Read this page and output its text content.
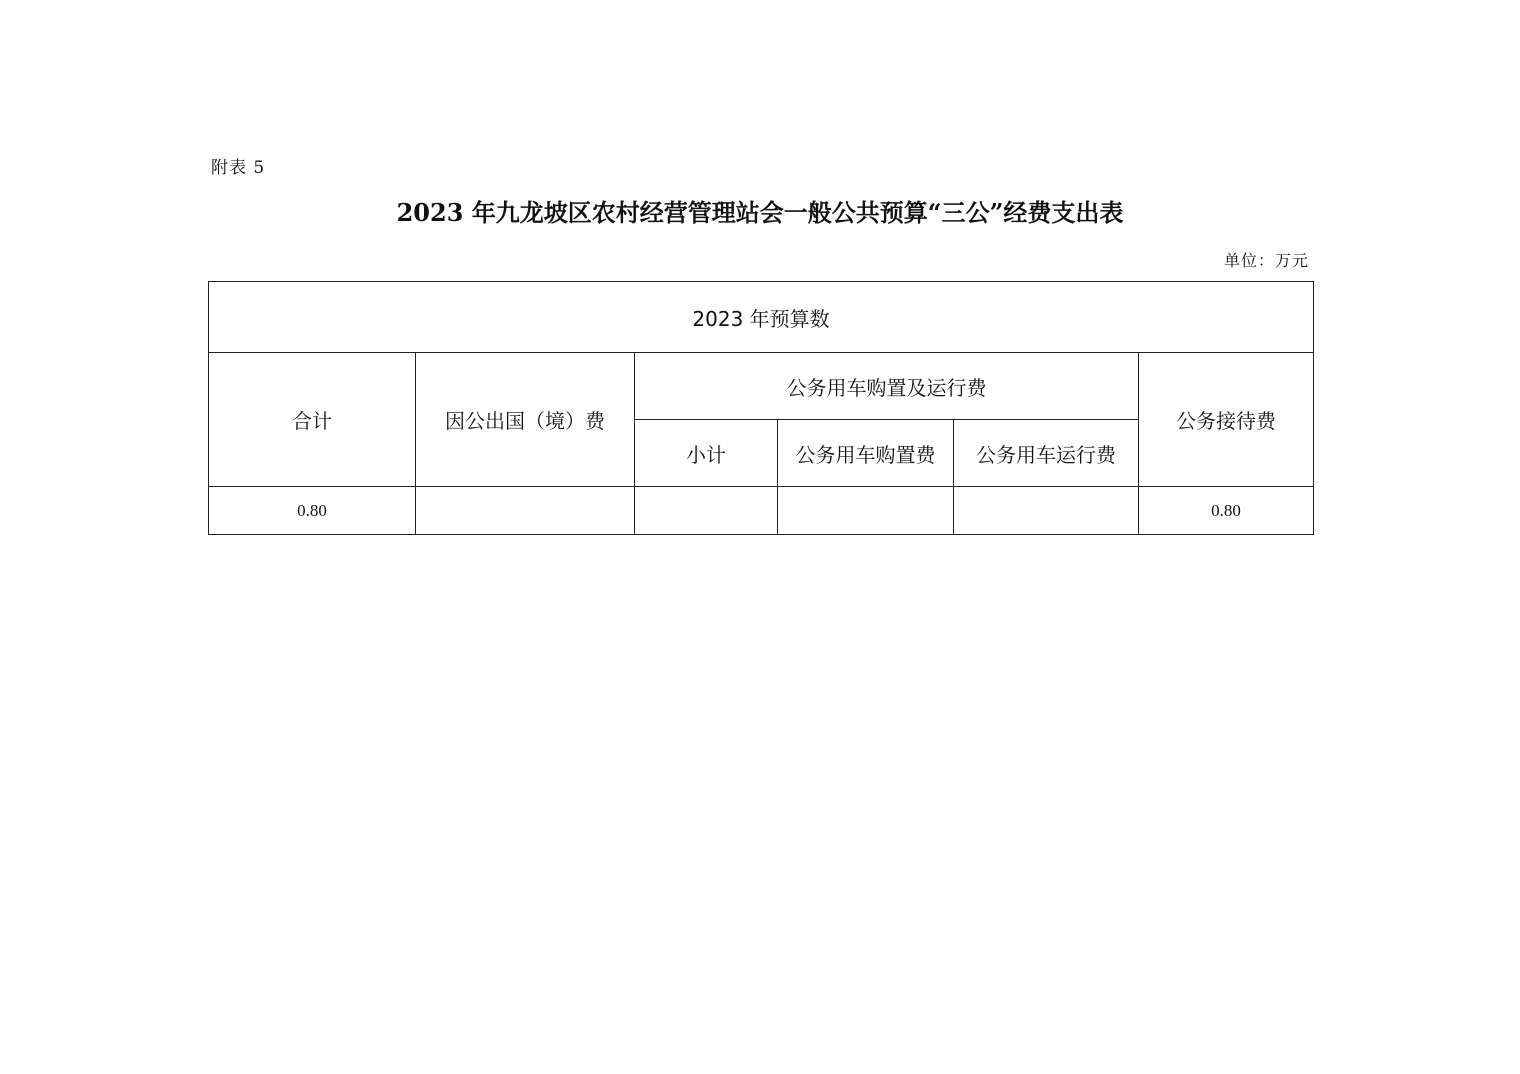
附表 5
2023 年九龙坡区农村经营管理站会一般公共预算“三公”经费支出表
单位：万元
2023 年预算数					
合计	因公出国（境）费	公务用车购置及运行费			公务接待费
		小计	公务用车购置费	公务用车运行费	
0.80					0.80
